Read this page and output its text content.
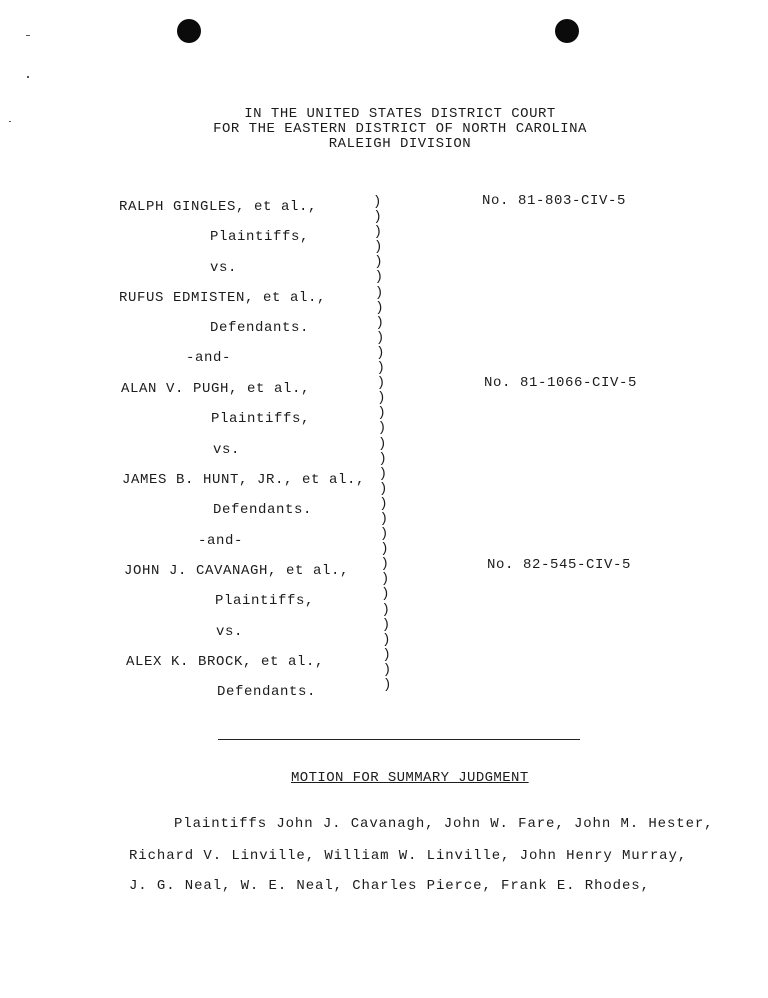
IN THE UNITED STATES DISTRICT COURT
FOR THE EASTERN DISTRICT OF NORTH CAROLINA
RALEIGH DIVISION
RALPH GINGLES, et al.,
Plaintiffs,
vs.
RUFUS EDMISTEN, et al.,
Defendants.
-and-
ALAN V. PUGH, et al.,
Plaintiffs,
vs.
JAMES B. HUNT, JR., et al.,
Defendants.
-and-
JOHN J. CAVANAGH, et al.,
Plaintiffs,
vs.
ALEX K. BROCK, et al.,
Defendants.
)
)
)
)
)
)
)
)
)
)
)
)
)
)
)
)
)
)
)
)
)
)
)
)
)
)
)
)
)
)
)
)
)
No. 81-803-CIV-5
No. 81-1066-CIV-5
No. 82-545-CIV-5
MOTION FOR SUMMARY JUDGMENT
Plaintiffs John J. Cavanagh, John W. Fare, John M. Hester,
Richard V. Linville, William W. Linville, John Henry Murray,
J. G. Neal, W. E. Neal, Charles Pierce, Frank E. Rhodes,
